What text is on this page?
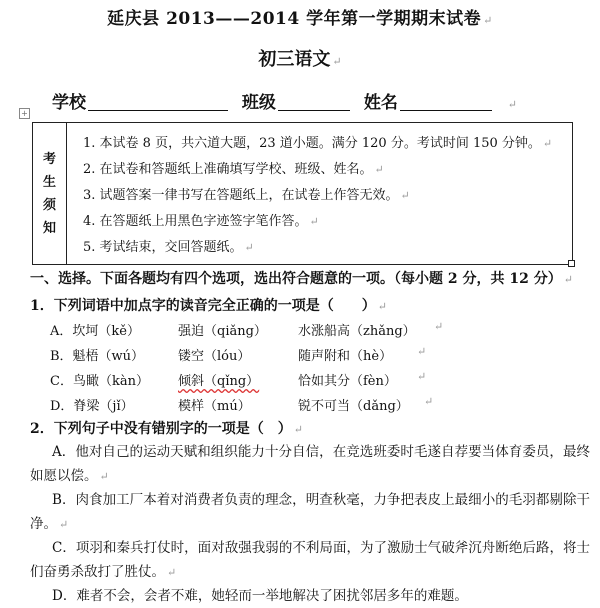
延庆县 2013——2014 学年第一学期期末试卷 ↵
初三语文 ↵
学校	班级	姓名	↵
+
考
生
须
知
1. 本试卷 8 页，共六道大题，23 道小题。满分 120 分。考试时间 150 分钟。 ↵
2. 在试卷和答题纸上准确填写学校、班级、姓名。 ↵
3. 试题答案一律书写在答题纸上，在试卷上作答无效。 ↵
4. 在答题纸上用黑色字迹签字笔作答。 ↵
5. 考试结束，交回答题纸。 ↵
一、选择。下面各题均有四个选项，选出符合题意的一项。（每小题 2 分，共 12 分） ↵
1．下列词语中加点字的读音完全正确的一项是（　　） ↵
A．坎坷（kě）	强迫（qiǎng） 水涨船高（zhǎng） ↵
B．魁梧（wú）	镂空（lóu）	随声附和（hè） ↵
C．鸟瞰（kàn） 倾斜（qǐng）	恰如其分（fèn） ↵
D．脊梁（jǐ）	模样（mú）	锐不可当（dǎng） ↵
2．下列句子中没有错别字的一项是（　） ↵
A．他对自己的运动天赋和组织能力十分自信，在竞选班委时毛遂自荐要当体育委员，最终如愿以偿。 ↵
B．肉食加工厂本着对消费者负责的理念，明查秋毫，力争把表皮上最细小的毛羽都剔除干净。 ↵
C．项羽和秦兵打仗时，面对敌强我弱的不利局面，为了激励士气破斧沉舟断绝后路，将士们奋勇杀敌打了胜仗。 ↵
D．难者不会，会者不难，她轻而一举地解决了困扰邻居多年的难题。
